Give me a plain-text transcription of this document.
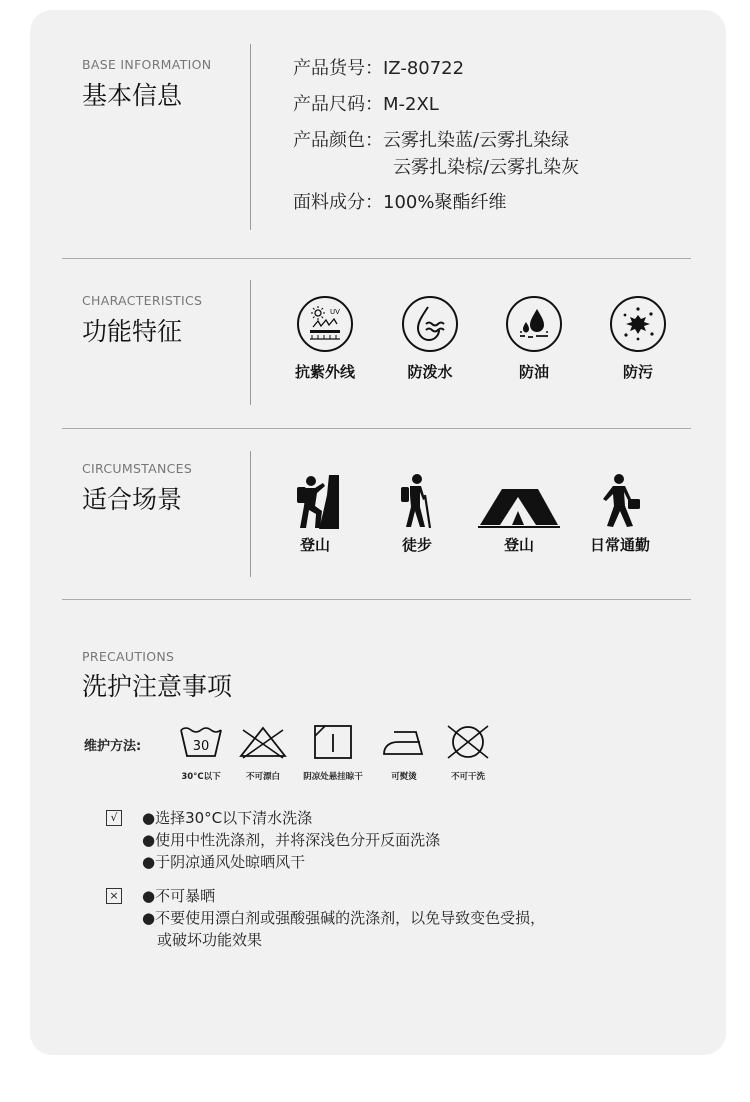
BASE INFORMATION
基本信息
产品货号：IZ-80722
产品尺码：M-2XL
产品颜色：云雾扎染蓝/云雾扎染绿
云雾扎染棕/云雾扎染灰
面料成分：100%聚酯纤维
CHARACTERISTICS
功能特征
UV
抗紫外线	防泼水	防油	防污
CIRCUMSTANCES
适合场景
登山	徒步	登山	日常通勤
PRECAUTIONS
洗护注意事项
维护方法:	30
30°C以下	不可漂白	阴凉处悬挂晾干	可熨烫	不可干洗
√	●选择30°C以下清水洗涤
●使用中性洗涤剂，并将深浅色分开反面洗涤
●于阴凉通风处晾晒风干
× ●不可暴晒
●不要使用漂白剂或强酸强碱的洗涤剂，以免导致变色受损，
或破坏功能效果
